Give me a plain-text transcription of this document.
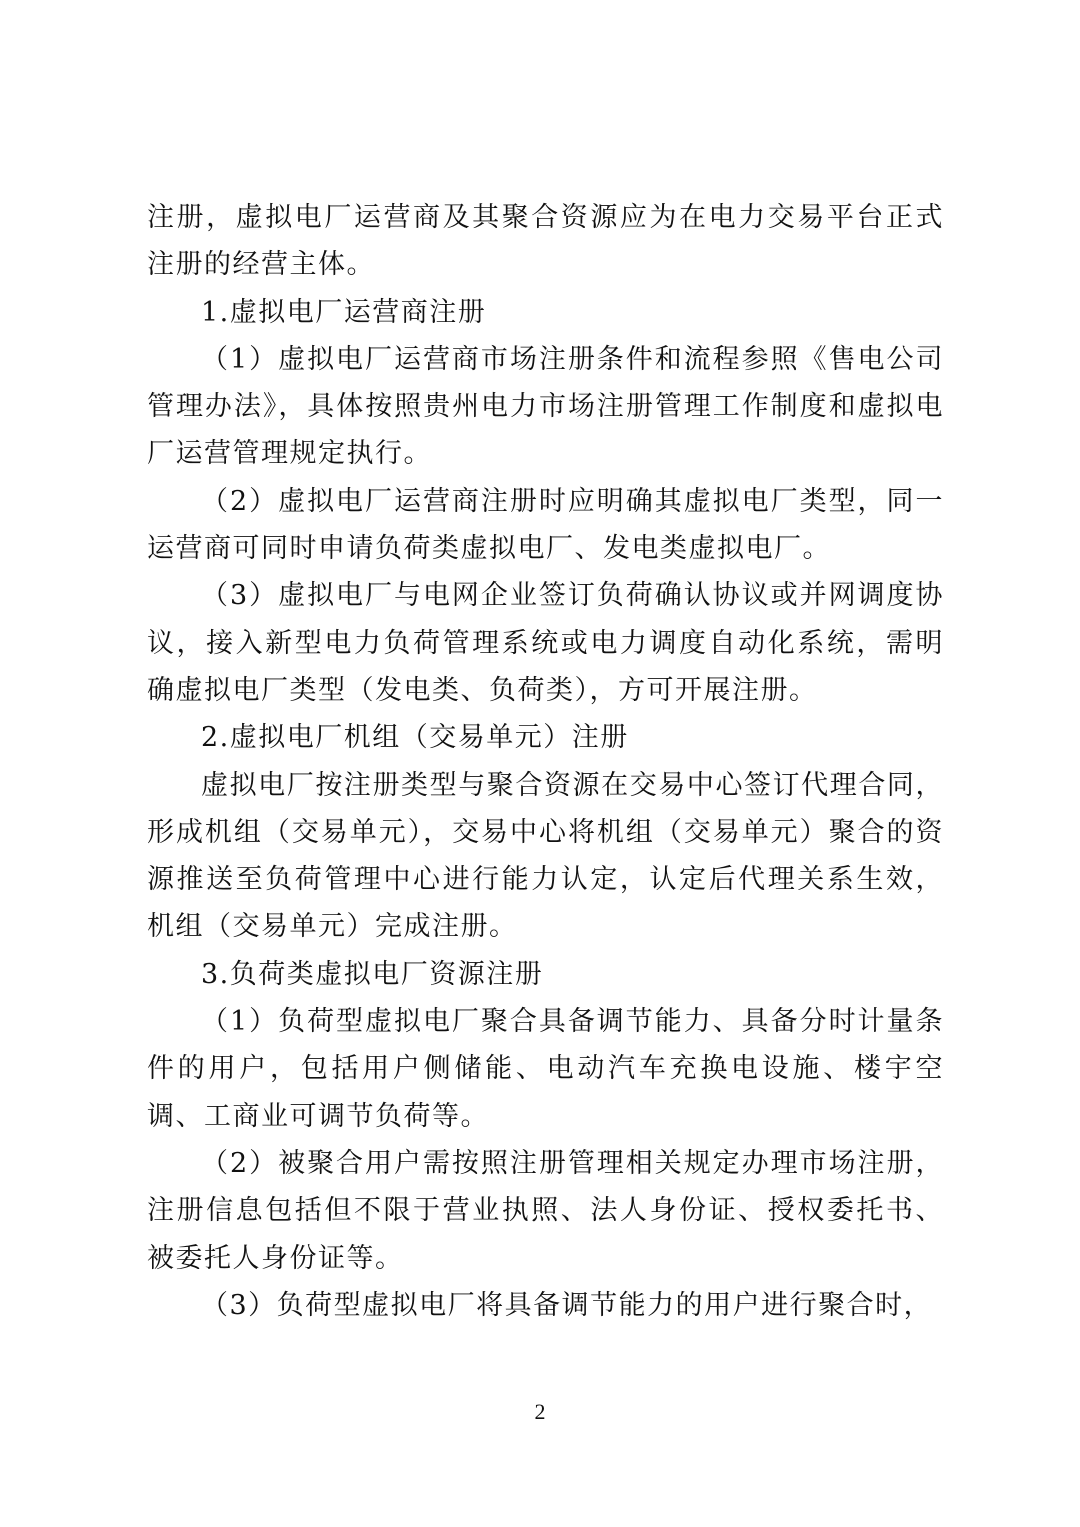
注册，虚拟电厂运营商及其聚合资源应为在电力交易平台正式注册的经营主体。

1.虚拟电厂运营商注册

（1）虚拟电厂运营商市场注册条件和流程参照《售电公司管理办法》，具体按照贵州电力市场注册管理工作制度和虚拟电厂运营管理规定执行。

（2）虚拟电厂运营商注册时应明确其虚拟电厂类型，同一运营商可同时申请负荷类虚拟电厂、发电类虚拟电厂。

（3）虚拟电厂与电网企业签订负荷确认协议或并网调度协议，接入新型电力负荷管理系统或电力调度自动化系统，需明确虚拟电厂类型（发电类、负荷类），方可开展注册。

2.虚拟电厂机组（交易单元）注册

虚拟电厂按注册类型与聚合资源在交易中心签订代理合同，形成机组（交易单元），交易中心将机组（交易单元）聚合的资源推送至负荷管理中心进行能力认定，认定后代理关系生效，机组（交易单元）完成注册。

3.负荷类虚拟电厂资源注册

（1）负荷型虚拟电厂聚合具备调节能力、具备分时计量条件的用户，包括用户侧储能、电动汽车充换电设施、楼宇空调、工商业可调节负荷等。

（2）被聚合用户需按照注册管理相关规定办理市场注册，注册信息包括但不限于营业执照、法人身份证、授权委托书、被委托人身份证等。

（3）负荷型虚拟电厂将具备调节能力的用户进行聚合时，

2
